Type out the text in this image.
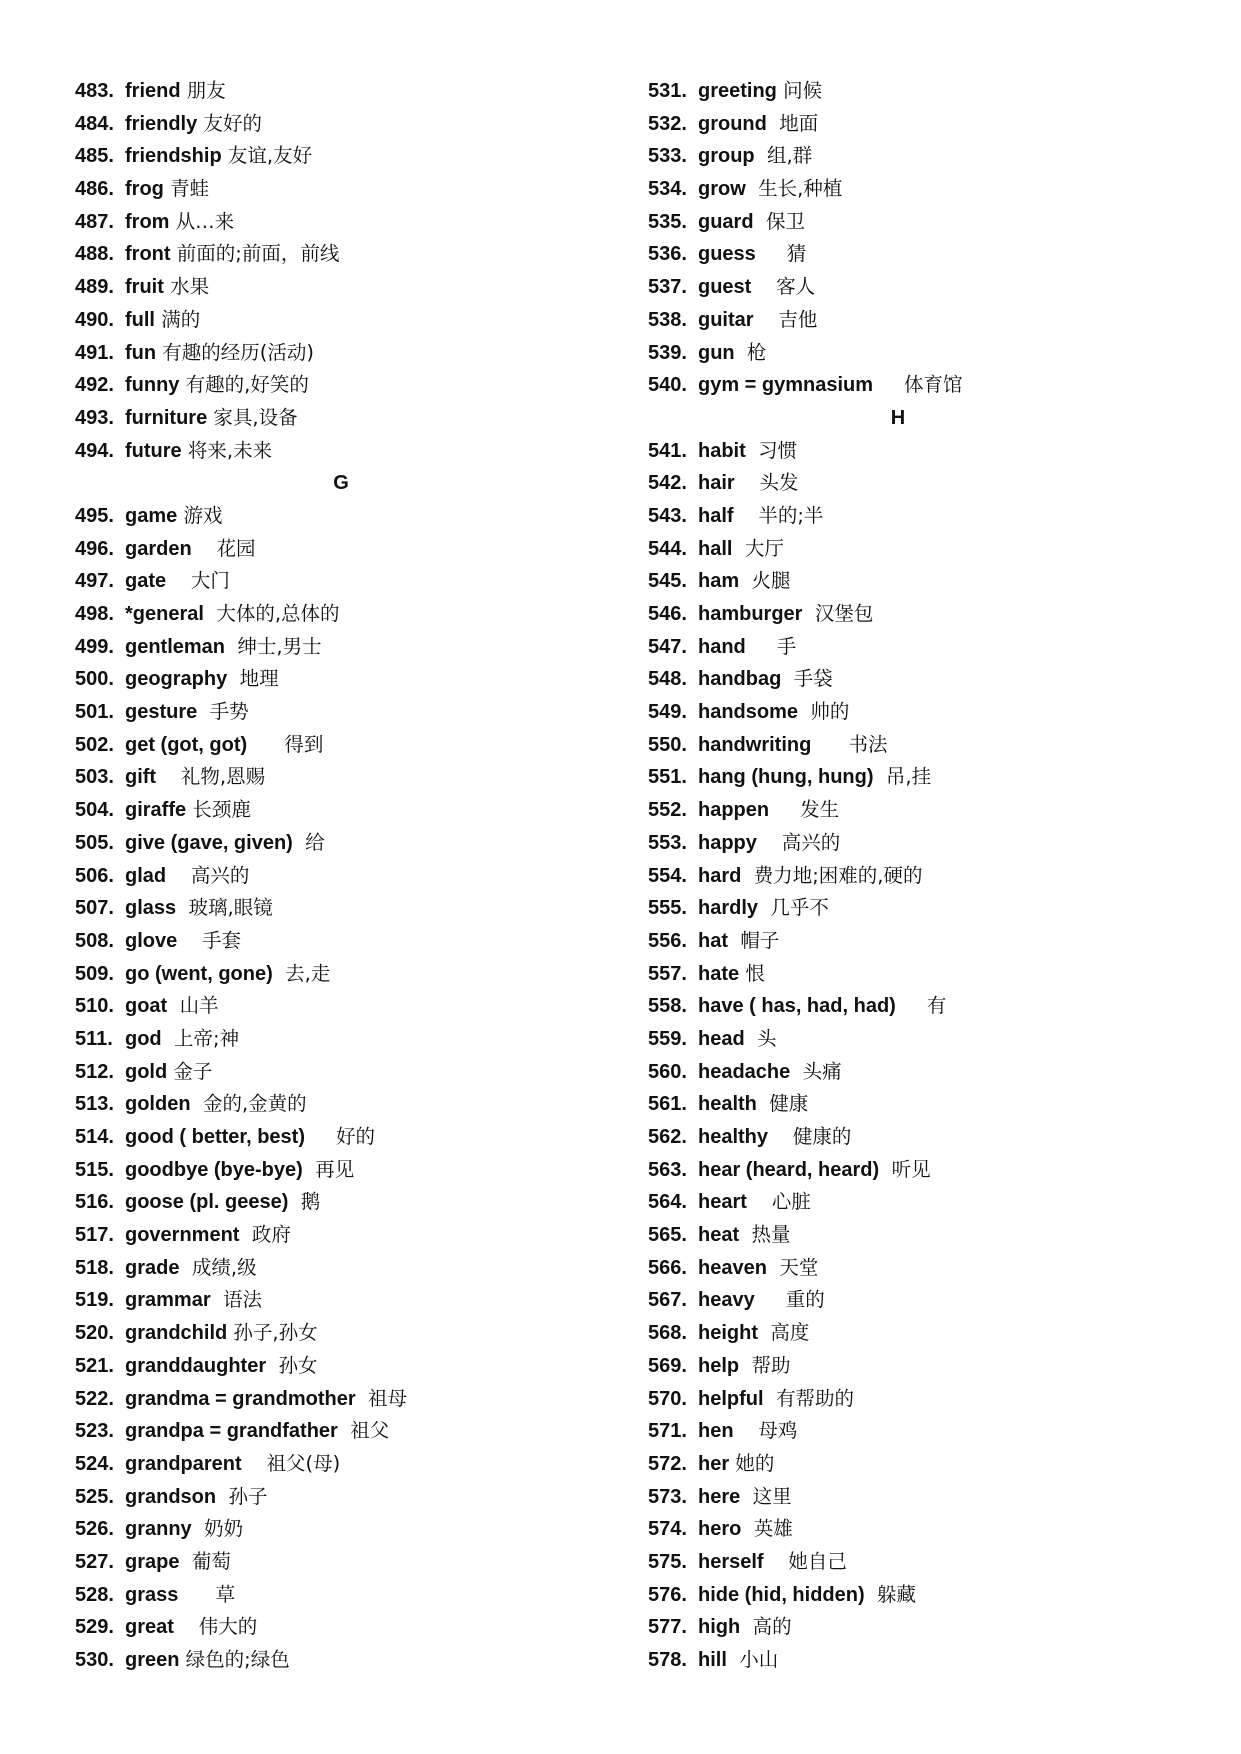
483. friend 朋友
484. friendly 友好的
485. friendship 友谊,友好
486. frog 青蛙
487. from 从…来
488. front 前面的;前面，前线
489. fruit 水果
490. full 满的
491. fun 有趣的经历(活动)
492. funny 有趣的,好笑的
493. furniture 家具,设备
494. future 将来,未来
G
495. game 游戏
496. garden    花园
497. gate    大门
498. *general  大体的,总体的
499. gentleman  绅士,男士
500. geography  地理
501. gesture  手势
502. get (got, got)      得到
503. gift    礼物,恩赐
504. giraffe 长颈鹿
505. give (gave, given)  给
506. glad    高兴的
507. glass  玻璃,眼镜
508. glove    手套
509. go (went, gone)  去,走
510. goat  山羊
511. god  上帝;神
512. gold 金子
513. golden  金的,金黄的
514. good ( better, best)     好的
515. goodbye (bye-bye)  再见
516. goose (pl. geese)  鹅
517. government  政府
518. grade  成绩,级
519. grammar  语法
520. grandchild 孙子,孙女
521. granddaughter  孙女
522. grandma = grandmother  祖母
523. grandpa = grandfather  祖父
524. grandparent    祖父(母)
525. grandson  孙子
526. granny  奶奶
527. grape  葡萄
528. grass      草
529. great    伟大的
530. green 绿色的;绿色
531. greeting 问候
532. ground  地面
533. group  组,群
534. grow  生长,种植
535. guard  保卫
536. guess     猜
537. guest    客人
538. guitar    吉他
539. gun  枪
540. gym = gymnasium     体育馆
H
541. habit  习惯
542. hair    头发
543. half    半的;半
544. hall  大厅
545. ham  火腿
546. hamburger  汉堡包
547. hand     手
548. handbag  手袋
549. handsome  帅的
550. handwriting      书法
551. hang (hung, hung)  吊,挂
552. happen     发生
553. happy    高兴的
554. hard  费力地;困难的,硬的
555. hardly  几乎不
556. hat  帽子
557. hate 恨
558. have ( has, had, had)     有
559. head  头
560. headache  头痛
561. health  健康
562. healthy    健康的
563. hear (heard, heard)  听见
564. heart    心脏
565. heat  热量
566. heaven  天堂
567. heavy     重的
568. height  高度
569. help  帮助
570. helpful  有帮助的
571. hen    母鸡
572. her 她的
573. here  这里
574. hero  英雄
575. herself    她自己
576. hide (hid, hidden)  躲藏
577. high  高的
578. hill  小山
